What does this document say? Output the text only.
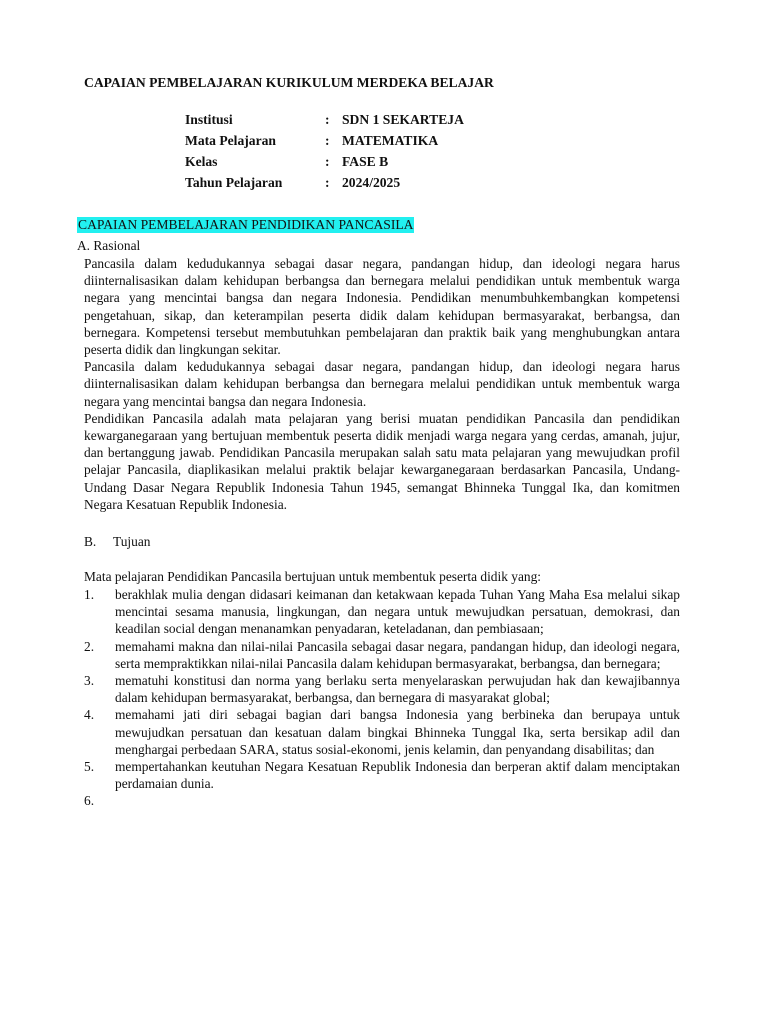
CAPAIAN PEMBELAJARAN KURIKULUM MERDEKA BELAJAR
Institusi	: SDN 1 SEKARTEJA
Mata Pelajaran	: MATEMATIKA
Kelas	: FASE B
Tahun Pelajaran	: 2024/2025
CAPAIAN PEMBELAJARAN PENDIDIKAN PANCASILA
A. Rasional

Pancasila dalam kedudukannya sebagai dasar negara, pandangan hidup, dan ideologi negara harus diinternalisasikan dalam kehidupan berbangsa dan bernegara melalui pendidikan untuk membentuk warga negara yang mencintai bangsa dan negara Indonesia. Pendidikan menumbuhkembangkan kompetensi pengetahuan, sikap, dan keterampilan peserta didik dalam kehidupan bermasyarakat, berbangsa, dan bernegara. Kompetensi tersebut membutuhkan pembelajaran dan praktik baik yang menghubungkan antara peserta didik dan lingkungan sekitar.

Pancasila dalam kedudukannya sebagai dasar negara, pandangan hidup, dan ideologi negara harus diinternalisasikan dalam kehidupan berbangsa dan bernegara melalui pendidikan untuk membentuk warga negara yang mencintai bangsa dan negara Indonesia.

Pendidikan Pancasila adalah mata pelajaran yang berisi muatan pendidikan Pancasila dan pendidikan kewarganegaraan yang bertujuan membentuk peserta didik menjadi warga negara yang cerdas, amanah, jujur, dan bertanggung jawab. Pendidikan Pancasila merupakan salah satu mata pelajaran yang mewujudkan profil pelajar Pancasila, diaplikasikan melalui praktik belajar kewarganegaraan berdasarkan Pancasila, Undang-Undang Dasar Negara Republik Indonesia Tahun 1945, semangat Bhinneka Tunggal Ika, dan komitmen Negara Kesatuan Republik Indonesia.

B. Tujuan
Mata pelajaran Pendidikan Pancasila bertujuan untuk membentuk peserta didik yang:
1.	berakhlak mulia dengan didasari keimanan dan ketakwaan kepada Tuhan Yang Maha Esa melalui sikap mencintai sesama manusia, lingkungan, dan negara untuk mewujudkan persatuan, demokrasi, dan keadilan social dengan menanamkan penyadaran, keteladanan, dan pembiasaan;
2.	memahami makna dan nilai-nilai Pancasila sebagai dasar negara, pandangan hidup, dan ideologi negara, serta mempraktikkan nilai-nilai Pancasila dalam kehidupan bermasyarakat, berbangsa, dan bernegara;
3.	mematuhi konstitusi dan norma yang berlaku serta menyelaraskan perwujudan hak dan kewajibannya dalam kehidupan bermasyarakat, berbangsa, dan bernegara di masyarakat global;
4.	memahami jati diri sebagai bagian dari bangsa Indonesia yang berbineka dan berupaya untuk mewujudkan persatuan dan kesatuan dalam bingkai Bhinneka Tunggal Ika, serta bersikap adil dan menghargai perbedaan SARA, status sosial-ekonomi, jenis kelamin, dan penyandang disabilitas; dan
5.	mempertahankan keutuhan Negara Kesatuan Republik Indonesia dan berperan aktif dalam menciptakan perdamaian dunia.
6.
